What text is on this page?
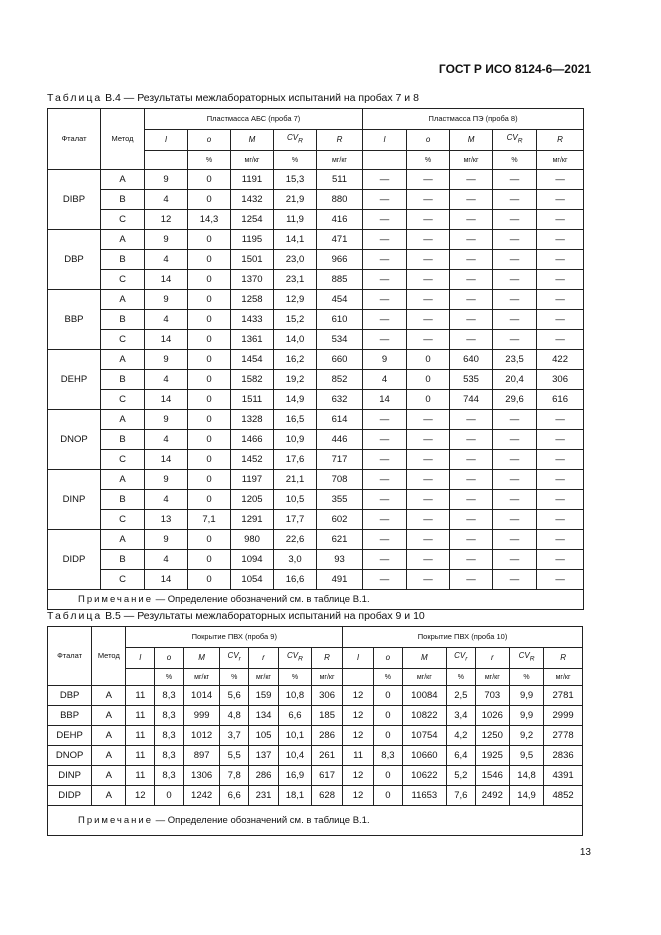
ГОСТ Р ИСО 8124-6—2021
Таблица В.4 — Результаты межлабораторных испытаний на пробах 7 и 8
Фталат	Метод	Пластмасса АБС (проба 7)					Пластмасса ПЭ (проба 8)				
		l	o	M	$CV_R$	R	l	o	M	$CV_R$	R
			%	мг/кг	%	мг/кг		%	мг/кг	%	мг/кг
DIBP	A	9	0	1191	15,3	511	—	—	—	—	—
	B	4	0	1432	21,9	880	—	—	—	—	—
	C	12	14,3	1254	11,9	416	—	—	—	—	—
DBP	A	9	0	1195	14,1	471	—	—	—	—	—
	B	4	0	1501	23,0	966	—	—	—	—	—
	C	14	0	1370	23,1	885	—	—	—	—	—
BBP	A	9	0	1258	12,9	454	—	—	—	—	—
	B	4	0	1433	15,2	610	—	—	—	—	—
	C	14	0	1361	14,0	534	—	—	—	—	—
DEHP	A	9	0	1454	16,2	660	9	0	640	23,5	422
	B	4	0	1582	19,2	852	4	0	535	20,4	306
	C	14	0	1511	14,9	632	14	0	744	29,6	616
DNOP	A	9	0	1328	16,5	614	—	—	—	—	—
	B	4	0	1466	10,9	446	—	—	—	—	—
	C	14	0	1452	17,6	717	—	—	—	—	—
DINP	A	9	0	1197	21,1	708	—	—	—	—	—
	B	4	0	1205	10,5	355	—	—	—	—	—
	C	13	7,1	1291	17,7	602	—	—	—	—	—
DIDP	A	9	0	980	22,6	621	—	—	—	—	—
	B	4	0	1094	3,0	93	—	—	—	—	—
	C	14	0	1054	16,6	491	—	—	—	—	—
Примечание — Определение обозначений см. в таблице В.1.											
Таблица В.5 — Результаты межлабораторных испытаний на пробах 9 и 10
Фталат	Метод	Покрытие ПВХ (проба 9)							Покрытие ПВХ (проба 10)						
		l	o	M	$CV_r$	r	$CV_R$	R	l	o	M	$CV_r$	r	$CV_R$	R
			%	мг/кг	%	мг/кг	%	мг/кг		%	мг/кг	%	мг/кг	%	мг/кг
DBP	A	11	8,3	1014	5,6	159	10,8	306	12	0	10084	2,5	703	9,9	2781
BBP	A	11	8,3	999	4,8	134	6,6	185	12	0	10822	3,4	1026	9,9	2999
DEHP	A	11	8,3	1012	3,7	105	10,1	286	12	0	10754	4,2	1250	9,2	2778
DNOP	A	11	8,3	897	5,5	137	10,4	261	11	8,3	10660	6,4	1925	9,5	2836
DINP	A	11	8,3	1306	7,8	286	16,9	617	12	0	10622	5,2	1546	14,8	4391
DIDP	A	12	0	1242	6,6	231	18,1	628	12	0	11653	7,6	2492	14,9	4852
Примечание — Определение обозначений см. в таблице В.1.															
13
